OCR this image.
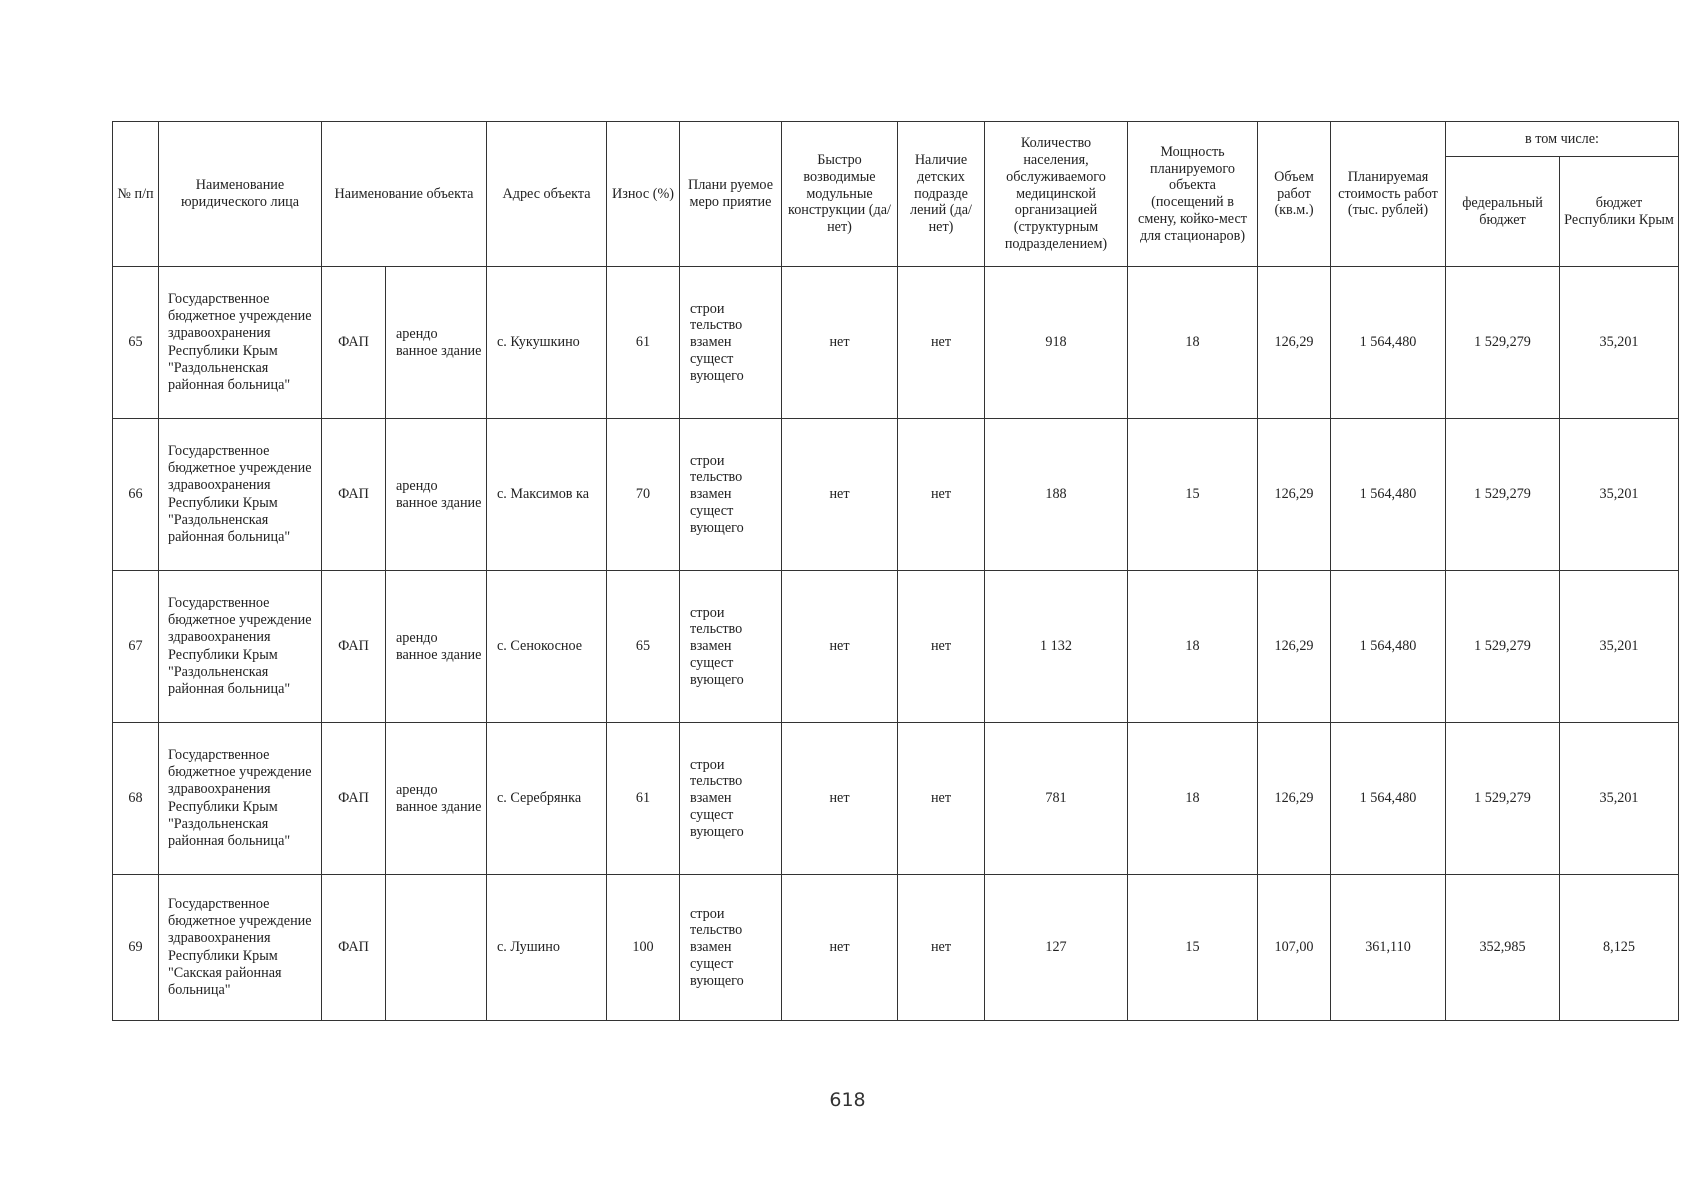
№ п/п	Наименование юридического лица	Наименование объекта		Адрес объекта	Износ (%)	Плани руемое меро приятие	Быстро возводимые модульные конструкции (да/нет)	Наличие детских подразде лений (да/нет)	Количество населения, обслуживаемого медицинской организацией (структурным подразделением)	Мощность планируемого объекта (посещений в смену, койко-мест для стационаров)	Объем работ (кв.м.)	Планируемая стоимость работ (тыс. рублей)	в том числе:	
													федеральный бюджет	бюджет Республики Крым
65	Государственное бюджетное учреждение здравоохранения Республики Крым "Раздольненская районная больница"	ФАП	арендо ванное здание	с. Кукушкино	61	строи тельство взамен сущест вующего	нет	нет	918	18	126,29	1 564,480	1 529,279	35,201
66	Государственное бюджетное учреждение здравоохранения Республики Крым "Раздольненская районная больница"	ФАП	арендо ванное здание	с. Максимов ка	70	строи тельство взамен сущест вующего	нет	нет	188	15	126,29	1 564,480	1 529,279	35,201
67	Государственное бюджетное учреждение здравоохранения Республики Крым "Раздольненская районная больница"	ФАП	арендо ванное здание	с. Сенокосное	65	строи тельство взамен сущест вующего	нет	нет	1 132	18	126,29	1 564,480	1 529,279	35,201
68	Государственное бюджетное учреждение здравоохранения Республики Крым "Раздольненская районная больница"	ФАП	арендо ванное здание	с. Серебрянка	61	строи тельство взамен сущест вующего	нет	нет	781	18	126,29	1 564,480	1 529,279	35,201
69	Государственное бюджетное учреждение здравоохранения Республики Крым "Сакская районная больница"	ФАП		с. Лушино	100	строи тельство взамен сущест вующего	нет	нет	127	15	107,00	361,110	352,985	8,125
618
